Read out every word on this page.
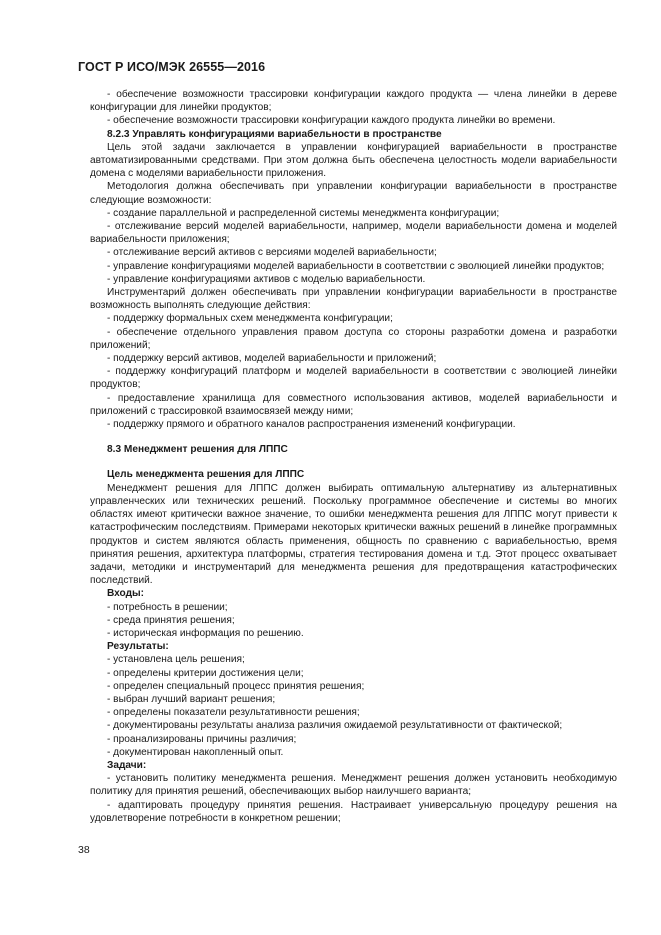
ГОСТ Р ИСО/МЭК 26555—2016

- обеспечение возможности трассировки конфигурации каждого продукта — члена линейки в дереве конфигурации для линейки продуктов;

- обеспечение возможности трассировки конфигурации каждого продукта линейки во времени.

8.2.3 Управлять конфигурациями вариабельности в пространстве

Цель этой задачи заключается в управлении конфигурацией вариабельности в пространстве автоматизированными средствами. При этом должна быть обеспечена целостность модели вариабельности домена с моделями вариабельности приложения.

Методология должна обеспечивать при управлении конфигурации вариабельности в пространстве следующие возможности:

- создание параллельной и распределенной системы менеджмента конфигурации;

- отслеживание версий моделей вариабельности, например, модели вариабельности домена и моделей вариабельности приложения;

- отслеживание версий активов с версиями моделей вариабельности;

- управление конфигурациями моделей вариабельности в соответствии с эволюцией линейки продуктов;

- управление конфигурациями активов с моделью вариабельности.

Инструментарий должен обеспечивать при управлении конфигурации вариабельности в пространстве возможность выполнять следующие действия:

- поддержку формальных схем менеджмента конфигурации;

- обеспечение отдельного управления правом доступа со стороны разработки домена и разработки приложений;

- поддержку версий активов, моделей вариабельности и приложений;

- поддержку конфигураций платформ и моделей вариабельности в соответствии с эволюцией линейки продуктов;

- предоставление хранилища для совместного использования активов, моделей вариабельности и приложений с трассировкой взаимосвязей между ними;

- поддержку прямого и обратного каналов распространения изменений конфигурации.

8.3 Менеджмент решения для ЛППС

Цель менеджмента решения для ЛППС

Менеджмент решения для ЛППС должен выбирать оптимальную альтернативу из альтернативных управленческих или технических решений. Поскольку программное обеспечение и системы во многих областях имеют критически важное значение, то ошибки менеджмента решения для ЛППС могут привести к катастрофическим последствиям. Примерами некоторых критически важных решений в линейке программных продуктов и систем являются область применения, общность по сравнению с вариабельностью, время принятия решения, архитектура платформы, стратегия тестирования домена и т.д. Этот процесс охватывает задачи, методики и инструментарий для менеджмента решения для предотвращения катастрофических последствий.

Входы:

- потребность в решении;

- среда принятия решения;

- историческая информация по решению.

Результаты:

- установлена цель решения;

- определены критерии достижения цели;

- определен специальный процесс принятия решения;

- выбран лучший вариант решения;

- определены показатели результативности решения;

- документированы результаты анализа различия ожидаемой результативности от фактической;

- проанализированы причины различия;

- документирован накопленный опыт.

Задачи:

- установить политику менеджмента решения. Менеджмент решения должен установить необходимую политику для принятия решений, обеспечивающих выбор наилучшего варианта;

- адаптировать процедуру принятия решения. Настраивает универсальную процедуру решения на удовлетворение потребности в конкретном решении;

38
